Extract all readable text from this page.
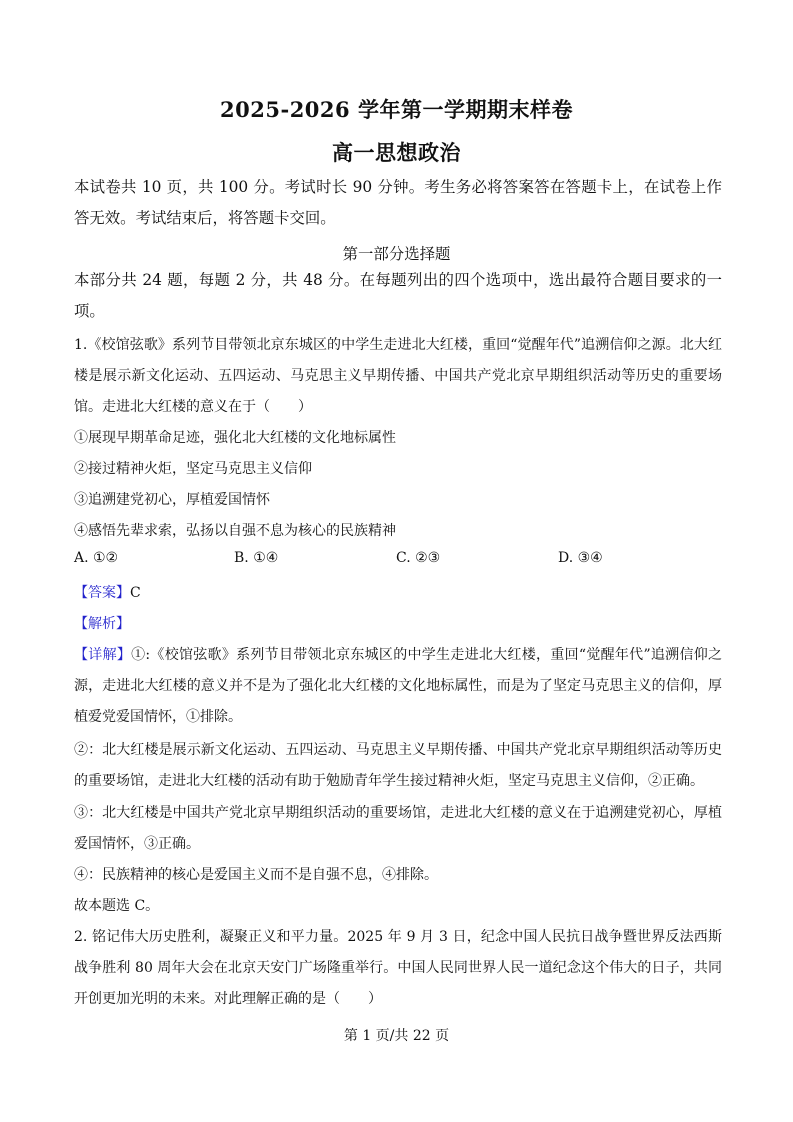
2025-2026 学年第一学期期末样卷
高一思想政治

本试卷共 10 页，共 100 分。考试时长 90 分钟。考生务必将答案答在答题卡上，在试卷上作答无效。考试结束后，将答题卡交回。

第一部分选择题

本部分共 24 题，每题 2 分，共 48 分。在每题列出的四个选项中，选出最符合题目要求的一项。

1.《校馆弦歌》系列节目带领北京东城区的中学生走进北大红楼，重回“觉醒年代”追溯信仰之源。北大红楼是展示新文化运动、五四运动、马克思主义早期传播、中国共产党北京早期组织活动等历史的重要场馆。走进北大红楼的意义在于（　　）

①展现早期革命足迹，强化北大红楼的文化地标属性
②接过精神火炬，坚定马克思主义信仰
③追溯建党初心，厚植爱国情怀
④感悟先辈求索，弘扬以自强不息为核心的民族精神
A. ①②	B. ①④	C. ②③	D. ③④
【答案】C
【解析】

【详解】①:《校馆弦歌》系列节目带领北京东城区的中学生走进北大红楼，重回“觉醒年代”追溯信仰之源，走进北大红楼的意义并不是为了强化北大红楼的文化地标属性，而是为了坚定马克思主义的信仰，厚植爱党爱国情怀，①排除。

②：北大红楼是展示新文化运动、五四运动、马克思主义早期传播、中国共产党北京早期组织活动等历史的重要场馆，走进北大红楼的活动有助于勉励青年学生接过精神火炬，坚定马克思主义信仰，②正确。

③：北大红楼是中国共产党北京早期组织活动的重要场馆，走进北大红楼的意义在于追溯建党初心，厚植爱国情怀，③正确。

④：民族精神的核心是爱国主义而不是自强不息，④排除。
故本题选 C。

2. 铭记伟大历史胜利，凝聚正义和平力量。2025 年 9 月 3 日，纪念中国人民抗日战争暨世界反法西斯战争胜利 80 周年大会在北京天安门广场隆重举行。中国人民同世界人民一道纪念这个伟大的日子，共同开创更加光明的未来。对此理解正确的是（　　）

第 1 页/共 22 页
